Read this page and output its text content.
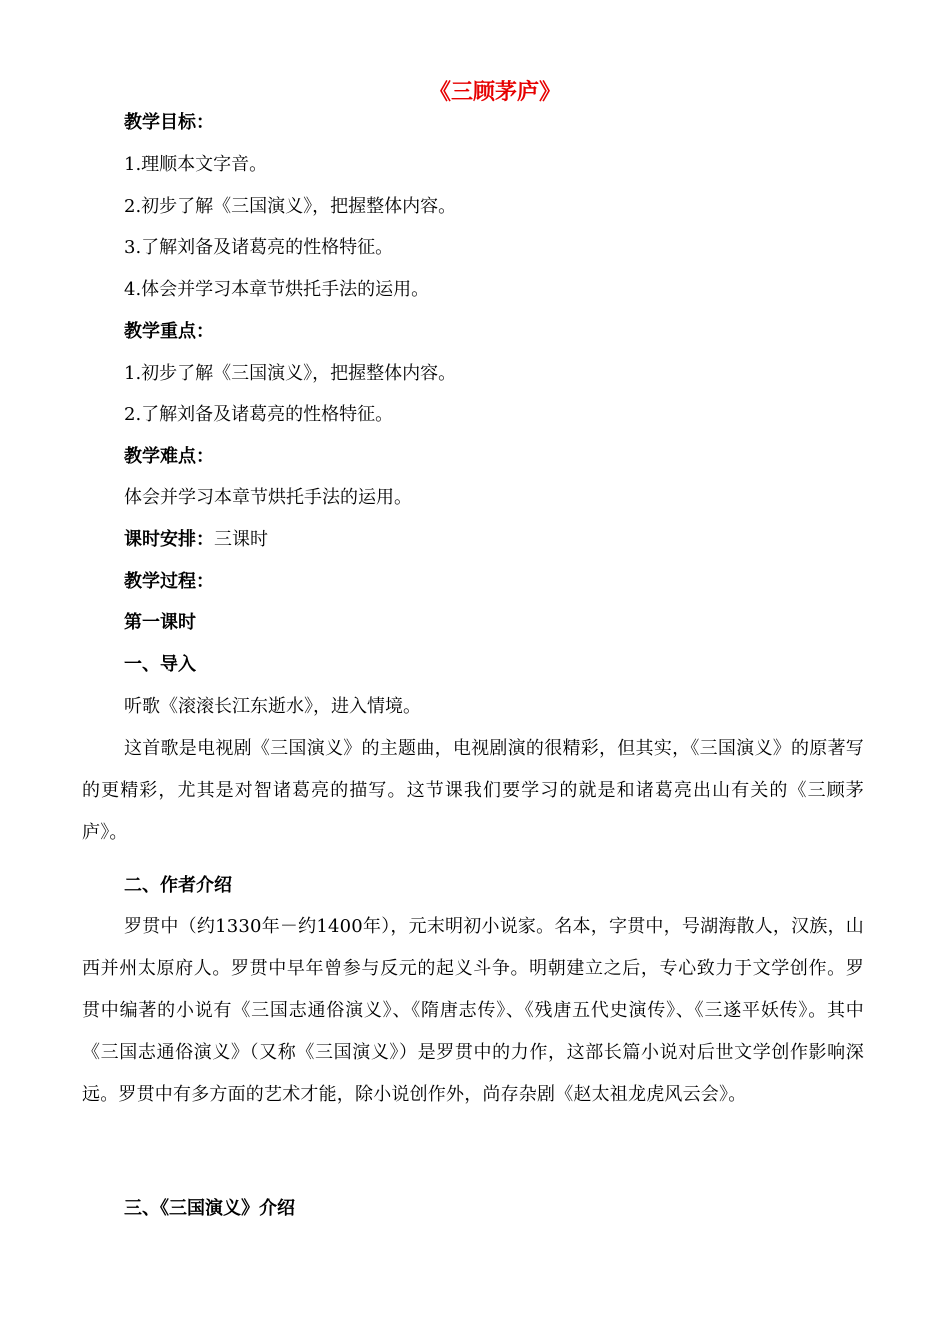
《三顾茅庐》
教学目标：
1.理顺本文字音。
2.初步了解《三国演义》，把握整体内容。
3.了解刘备及诸葛亮的性格特征。
4.体会并学习本章节烘托手法的运用。
教学重点：
1.初步了解《三国演义》，把握整体内容。
2.了解刘备及诸葛亮的性格特征。
教学难点：
体会并学习本章节烘托手法的运用。
课时安排：三课时
教学过程：
第一课时
一、导入
听歌《滚滚长江东逝水》，进入情境。
这首歌是电视剧《三国演义》的主题曲，电视剧演的很精彩，但其实，《三国演义》的原著写的更精彩，尤其是对智诸葛亮的描写。这节课我们要学习的就是和诸葛亮出山有关的《三顾茅庐》。
二、作者介绍
罗贯中（约1330年－约1400年），元末明初小说家。名本，字贯中，号湖海散人，汉族，山西并州太原府人。罗贯中早年曾参与反元的起义斗争。明朝建立之后，专心致力于文学创作。罗贯中编著的小说有《三国志通俗演义》、《隋唐志传》、《残唐五代史演传》、《三遂平妖传》。其中《三国志通俗演义》（又称《三国演义》）是罗贯中的力作，这部长篇小说对后世文学创作影响深远。罗贯中有多方面的艺术才能，除小说创作外，尚存杂剧《赵太祖龙虎风云会》。
三、《三国演义》介绍
